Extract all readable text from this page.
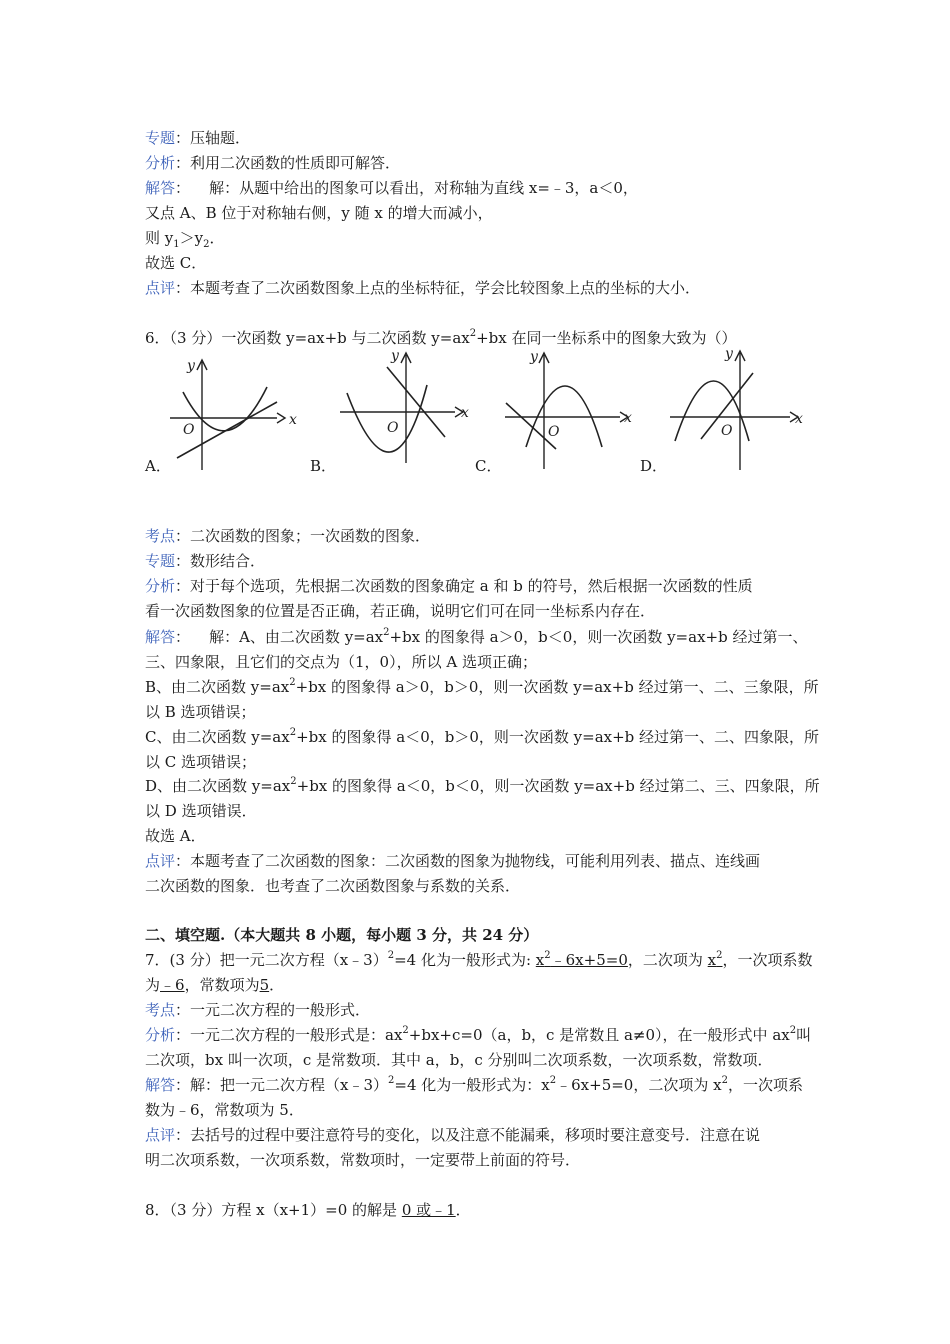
专题：压轴题．
分析：利用二次函数的性质即可解答．
解答：    解：从题中给出的图象可以看出，对称轴为直线 x=﹣3，a＜0，
又点 A、B 位于对称轴右侧，y 随 x 的增大而减小，
则 $y_1>y_2$．
故选 C．
点评：本题考查了二次函数图象上点的坐标特征，学会比较图象上点的坐标的大小．
6．（3 分）一次函数 y=ax+b 与二次函数 $y=ax^2+bx$ 在同一坐标系中的图象大致为（）
x
y
O
x
y
O
x
y
O
x
y
O
A．	B．	C．	D．
考点：二次函数的图象；一次函数的图象．
专题：数形结合．
分析：对于每个选项，先根据二次函数的图象确定 a 和 b 的符号，然后根据一次函数的性质
看一次函数图象的位置是否正确，若正确，说明它们可在同一坐标系内存在．
解答：    解：A、由二次函数 $y=ax^2+bx$ 的图象得 a＞0，b＜0，则一次函数 y=ax+b 经过第一、
三、四象限，且它们的交点为（1，0），所以 A 选项正确；
B、由二次函数 $y=ax^2+bx$ 的图象得 a＞0，b＞0，则一次函数 y=ax+b 经过第一、二、三象限，所
以 B 选项错误；
C、由二次函数 $y=ax^2+bx$ 的图象得 a＜0，b＞0，则一次函数 y=ax+b 经过第一、二、四象限，所
以 C 选项错误；
D、由二次函数 $y=ax^2+bx$ 的图象得 a＜0，b＜0，则一次函数 y=ax+b 经过第二、三、四象限，所
以 D 选项错误．
故选 A．
点评：本题考查了二次函数的图象：二次函数的图象为抛物线，可能利用列表、描点、连线画
二次函数的图象．也考查了二次函数图象与系数的关系．
二、填空题.（本大题共 8 小题，每小题 3 分，共 24 分）
7．(3 分）把一元二次方程（x﹣3）$^2$=4 化为一般形式为: $x^2﹣6x+5=0$，二次项为 $x^2$，一次项系数
为﹣6，常数项为5．
考点：一元二次方程的一般形式．
分析：一元二次方程的一般形式是：$ax^2+bx+c=0(a$，b，c 是常数且 a≠0），在一般形式中 $ax^2$叫
二次项，bx 叫一次项，c 是常数项．其中 a，b，c 分别叫二次项系数，一次项系数，常数项．
解答：解：把一元二次方程（x﹣3）$^2$=4 化为一般形式为：$x^2﹣6x+5=0$，二次项为 $x^2$，一次项系
数为﹣6，常数项为 5．
点评：去括号的过程中要注意符号的变化，以及注意不能漏乘，移项时要注意变号．注意在说
明二次项系数，一次项系数，常数项时，一定要带上前面的符号．
8．（3 分）方程 x（x+1）=0 的解是 0 或﹣1．
